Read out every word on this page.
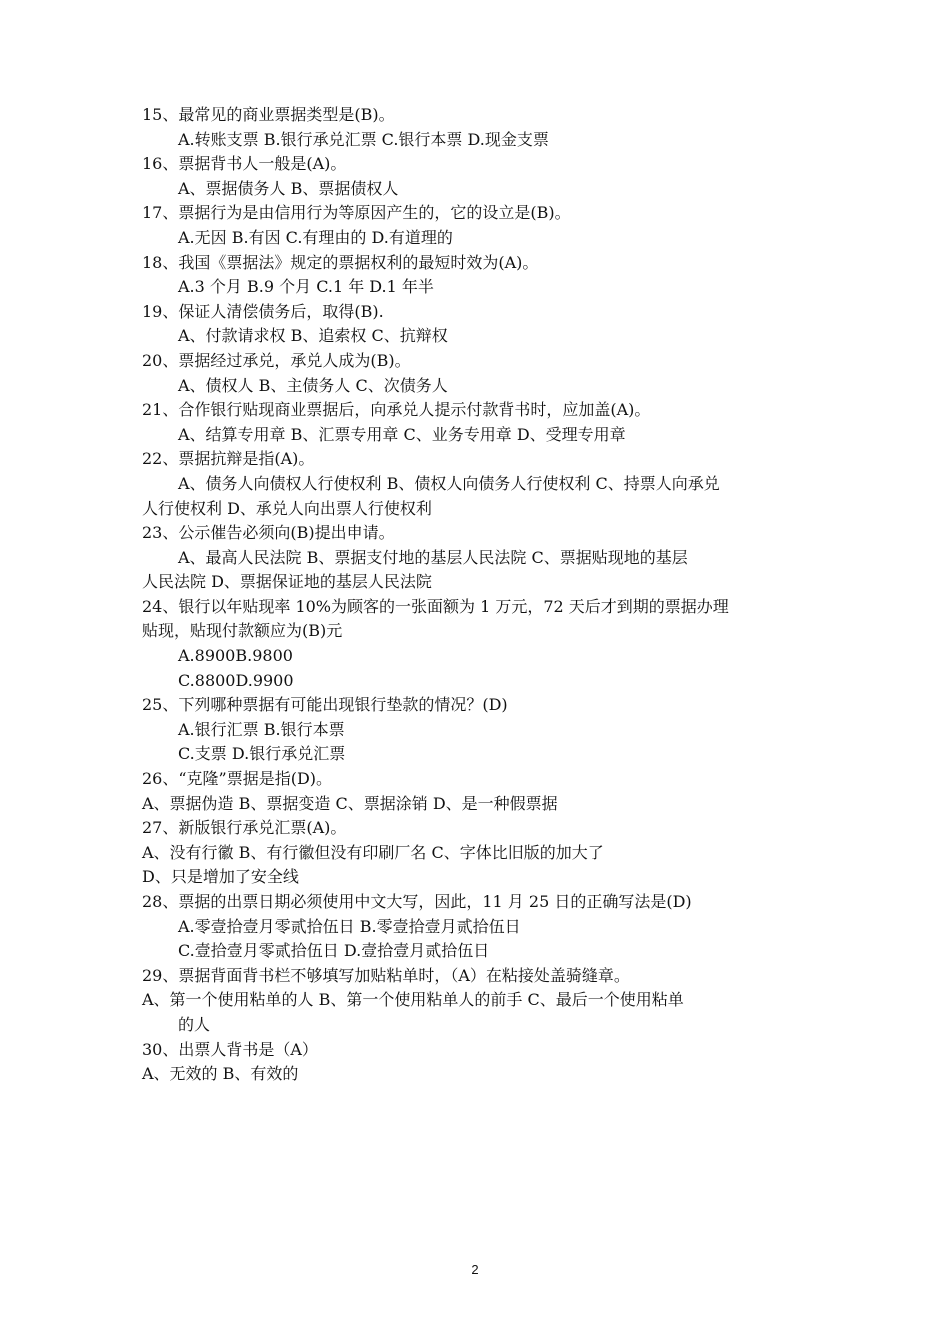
15、最常见的商业票据类型是(B)。
A.转账支票 B.银行承兑汇票 C.银行本票 D.现金支票
16、票据背书人一般是(A)。
A、票据债务人 B、票据债权人
17、票据行为是由信用行为等原因产生的，它的设立是(B)。
A.无因 B.有因 C.有理由的 D.有道理的
18、我国《票据法》规定的票据权利的最短时效为(A)。
A.3 个月 B.9 个月 C.1 年 D.1 年半
19、保证人清偿债务后，取得(B).
A、付款请求权 B、追索权 C、抗辩权
20、票据经过承兑，承兑人成为(B)。
A、债权人 B、主债务人 C、次债务人
21、合作银行贴现商业票据后，向承兑人提示付款背书时，应加盖(A)。
A、结算专用章 B、汇票专用章 C、业务专用章 D、受理专用章
22、票据抗辩是指(A)。
A、债务人向债权人行使权利 B、债权人向债务人行使权利 C、持票人向承兑
人行使权利 D、承兑人向出票人行使权利
23、公示催告必须向(B)提出申请。
A、最高人民法院 B、票据支付地的基层人民法院 C、票据贴现地的基层
人民法院 D、票据保证地的基层人民法院
24、银行以年贴现率 10%为顾客的一张面额为 1 万元，72 天后才到期的票据办理
贴现，贴现付款额应为(B)元
A.8900B.9800
C.8800D.9900
25、下列哪种票据有可能出现银行垫款的情况？(D)
A.银行汇票 B.银行本票
C.支票 D.银行承兑汇票
26、“克隆”票据是指(D)。
A、票据伪造 B、票据变造 C、票据涂销 D、是一种假票据
27、新版银行承兑汇票(A)。
A、没有行徽 B、有行徽但没有印刷厂名 C、字体比旧版的加大了
D、只是增加了安全线
28、票据的出票日期必须使用中文大写，因此，11 月 25 日的正确写法是(D)
A.零壹拾壹月零贰拾伍日 B.零壹拾壹月贰拾伍日
C.壹拾壹月零贰拾伍日 D.壹拾壹月贰拾伍日
29、票据背面背书栏不够填写加贴粘单时，（A）在粘接处盖骑缝章。
A、第一个使用粘单的人 B、第一个使用粘单人的前手 C、最后一个使用粘单
的人
30、出票人背书是（A）
A、无效的 B、有效的
2
